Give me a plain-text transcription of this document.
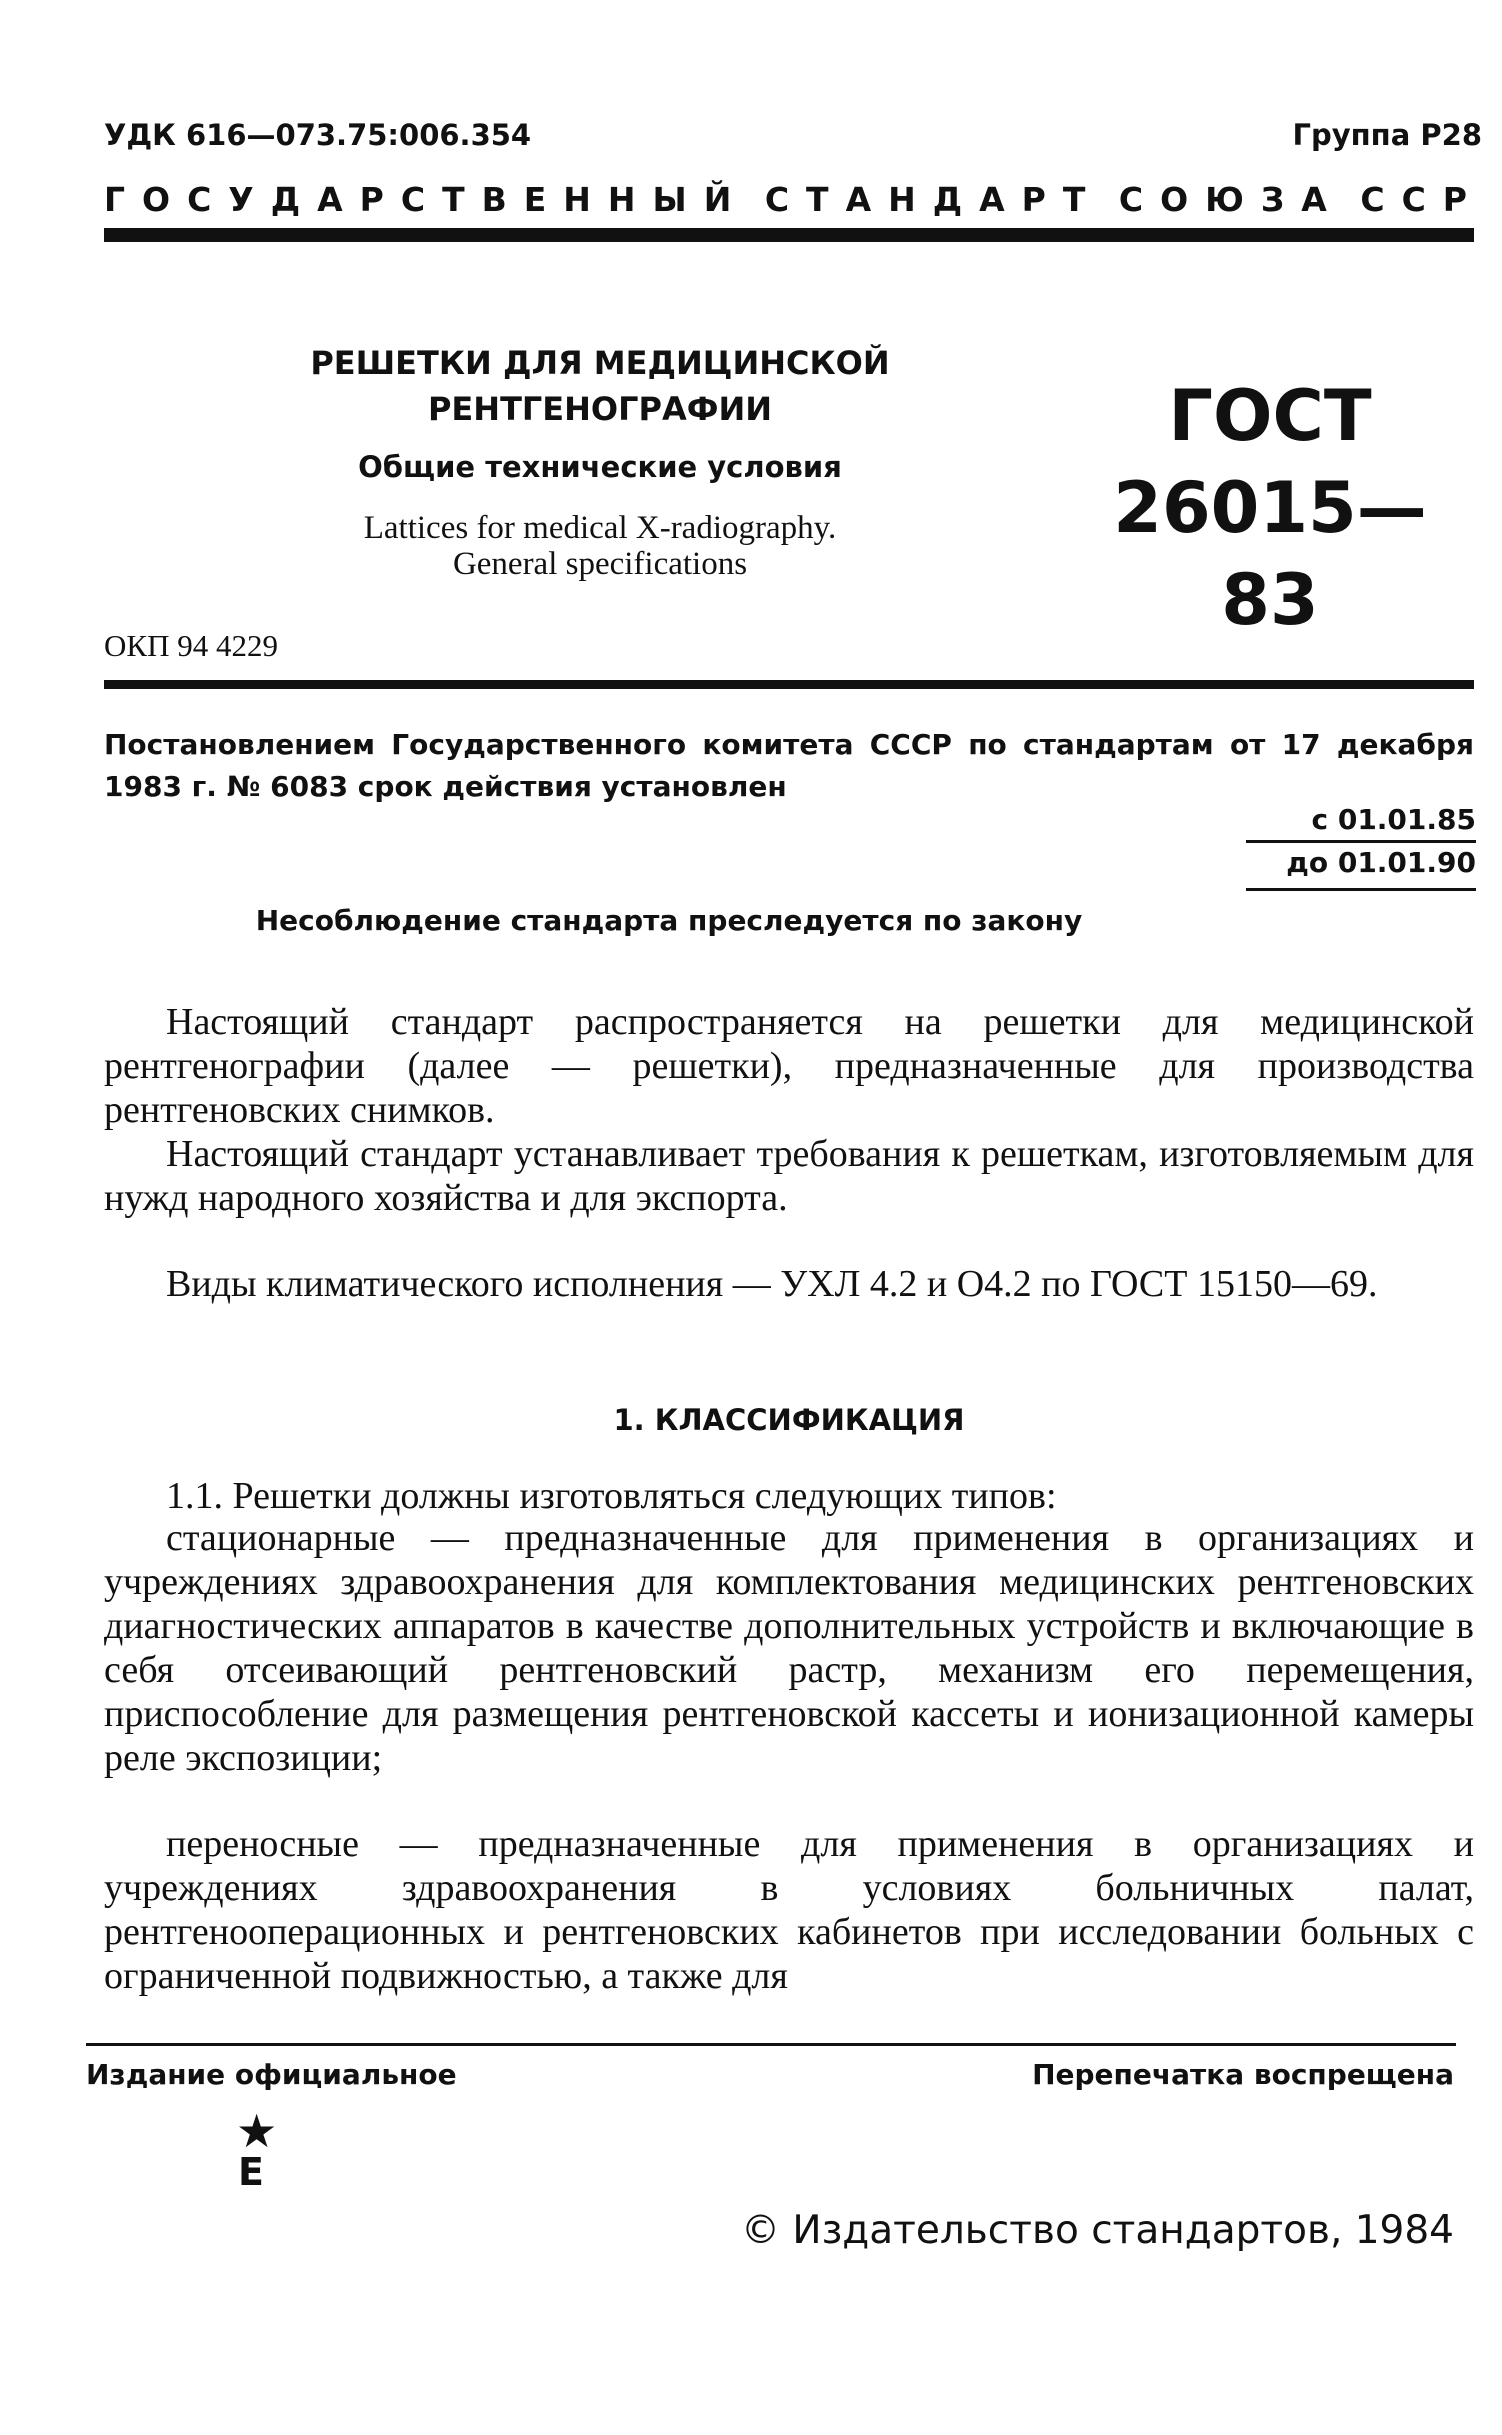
УДК 616—073.75:006.354	Группа Р28
ГОСУДАРСТВЕННЫЙ СТАНДАРТ СОЮЗА ССР
РЕШЕТКИ ДЛЯ МЕДИЦИНСКОЙ
РЕНТГЕНОГРАФИИ
Общие технические условия
Lattices for medical X-radiography.
General specifications
ГОСТ
26015—83
ОКП 94 4229
Постановлением Государственного комитета СССР по стандартам от 17 декабря 1983 г. № 6083 срок действия установлен
с 01.01.85
до 01.01.90
Несоблюдение стандарта преследуется по закону
Настоящий стандарт распространяется на решетки для медицинской рентгенографии (далее — решетки), предназначенные для производства рентгеновских снимков.
Настоящий стандарт устанавливает требования к решеткам, изготовляемым для нужд народного хозяйства и для экспорта.
Виды климатического исполнения — УХЛ 4.2 и О4.2 по ГОСТ 15150—69.
1. КЛАССИФИКАЦИЯ
1.1. Решетки должны изготовляться следующих типов:
стационарные — предназначенные для применения в организациях и учреждениях здравоохранения для комплектования медицинских рентгеновских диагностических аппаратов в качестве дополнительных устройств и включающие в себя отсеивающий рентгеновский растр, механизм его перемещения, приспособление для размещения рентгеновской кассеты и ионизационной камеры реле экспозиции;
переносные — предназначенные для применения в организациях и учреждениях здравоохранения в условиях больничных палат, рентгенооперационных и рентгеновских кабинетов при исследовании больных с ограниченной подвижностью, а также для
Издание официальное	Перепечатка воспрещена
★
E
© Издательство стандартов, 1984
